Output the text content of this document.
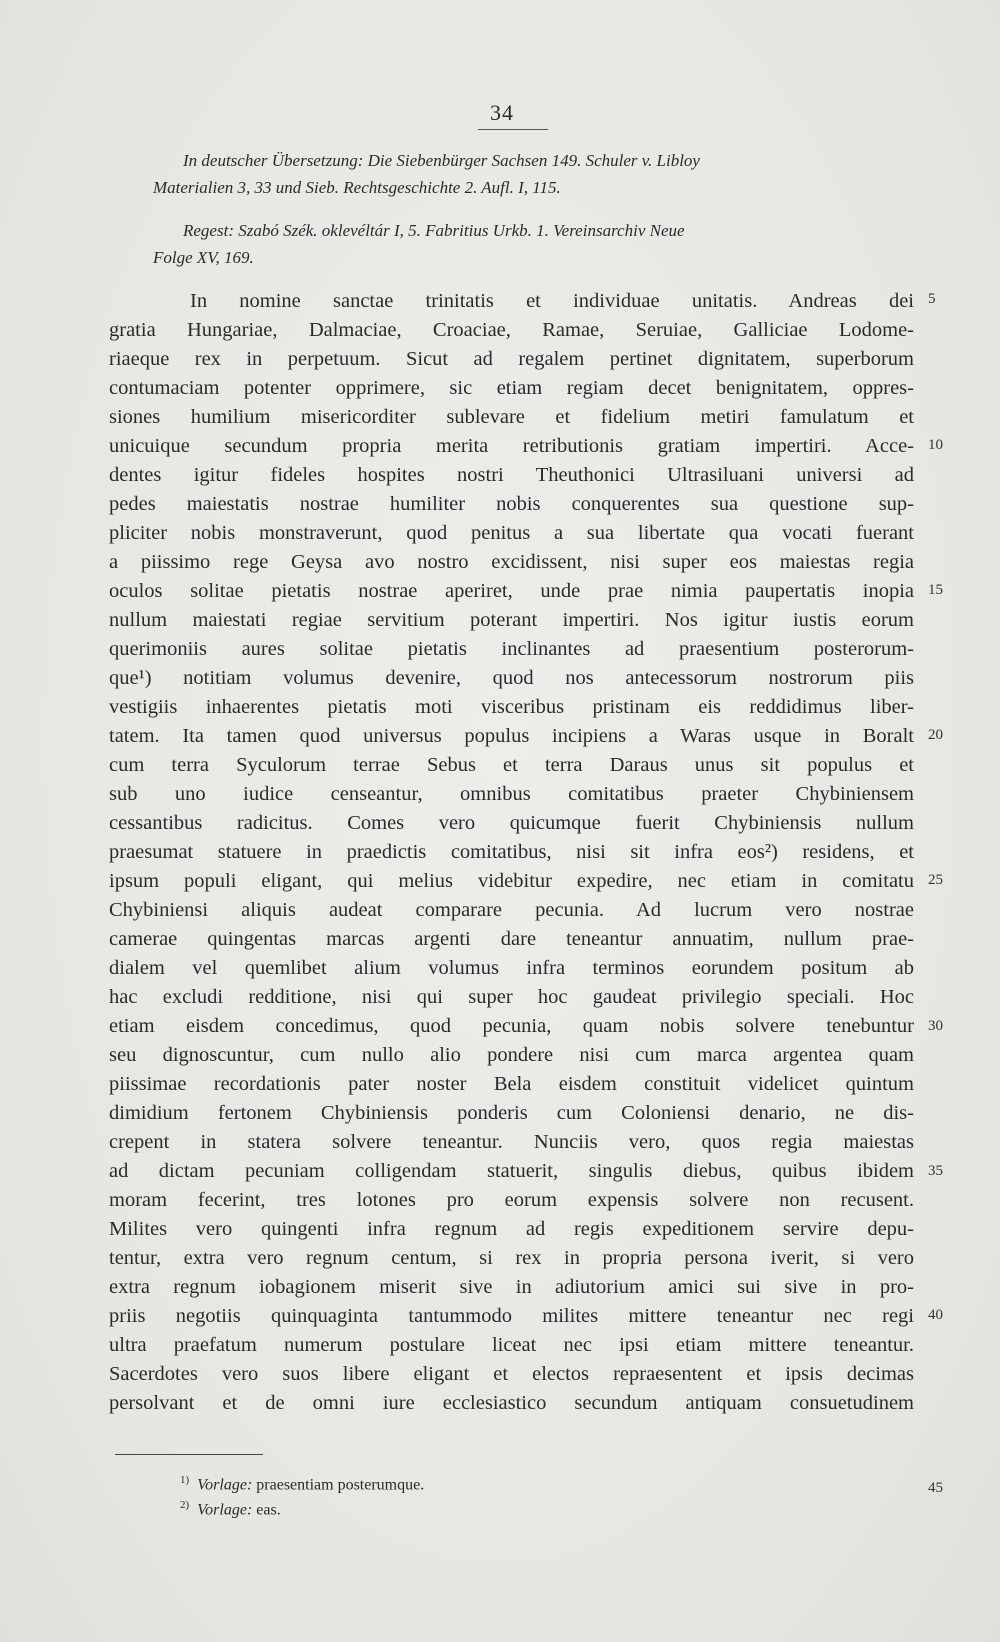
34
In deutscher Übersetzung: Die Siebenbürger Sachsen 149. Schuler v. Libloy
Materialien 3, 33 und Sieb. Rechtsgeschichte 2. Aufl. I, 115.
Regest: Szabó Szék. oklevéltár I, 5. Fabritius Urkb. 1. Vereinsarchiv Neue
Folge XV, 169.
In nomine sanctae trinitatis et individuae unitatis. Andreas dei
gratia Hungariae, Dalmaciae, Croaciae, Ramae, Seruiae, Galliciae Lodome-
riaeque rex in perpetuum. Sicut ad regalem pertinet dignitatem, superborum
contumaciam potenter opprimere, sic etiam regiam decet benignitatem, oppres-
siones humilium misericorditer sublevare et fidelium metiri famulatum et
unicuique secundum propria merita retributionis gratiam impertiri. Acce-
dentes igitur fideles hospites nostri Theuthonici Ultrasiluani universi ad
pedes maiestatis nostrae humiliter nobis conquerentes sua questione sup-
pliciter nobis monstraverunt, quod penitus a sua libertate qua vocati fuerant
a piissimo rege Geysa avo nostro excidissent, nisi super eos maiestas regia
oculos solitae pietatis nostrae aperiret, unde prae nimia paupertatis inopia
nullum maiestati regiae servitium poterant impertiri. Nos igitur iustis eorum
querimoniis aures solitae pietatis inclinantes ad praesentium posterorum-
que¹) notitiam volumus devenire, quod nos antecessorum nostrorum piis
vestigiis inhaerentes pietatis moti visceribus pristinam eis reddidimus liber-
tatem. Ita tamen quod universus populus incipiens a Waras usque in Boralt
cum terra Syculorum terrae Sebus et terra Daraus unus sit populus et
sub uno iudice censeantur, omnibus comitatibus praeter Chybiniensem
cessantibus radicitus. Comes vero quicumque fuerit Chybiniensis nullum
praesumat statuere in praedictis comitatibus, nisi sit infra eos²) residens, et
ipsum populi eligant, qui melius videbitur expedire, nec etiam in comitatu
Chybiniensi aliquis audeat comparare pecunia. Ad lucrum vero nostrae
camerae quingentas marcas argenti dare teneantur annuatim, nullum prae-
dialem vel quemlibet alium volumus infra terminos eorundem positum ab
hac excludi redditione, nisi qui super hoc gaudeat privilegio speciali. Hoc
etiam eisdem concedimus, quod pecunia, quam nobis solvere tenebuntur
seu dignoscuntur, cum nullo alio pondere nisi cum marca argentea quam
piissimae recordationis pater noster Bela eisdem constituit videlicet quintum
dimidium fertonem Chybiniensis ponderis cum Coloniensi denario, ne dis-
crepent in statera solvere teneantur. Nunciis vero, quos regia maiestas
ad dictam pecuniam colligendam statuerit, singulis diebus, quibus ibidem
moram fecerint, tres lotones pro eorum expensis solvere non recusent.
Milites vero quingenti infra regnum ad regis expeditionem servire depu-
tentur, extra vero regnum centum, si rex in propria persona iverit, si vero
extra regnum iobagionem miserit sive in adiutorium amici sui sive in pro-
priis negotiis quinquaginta tantummodo milites mittere teneantur nec regi
ultra praefatum numerum postulare liceat nec ipsi etiam mittere teneantur.
Sacerdotes vero suos libere eligant et electos repraesentent et ipsis decimas
persolvant et de omni iure ecclesiastico secundum antiquam consuetudinem
5
10
15
20
25
30
35
40
45
$^{1)}$ Vorlage: praesentiam posterumque.
$^{2)}$ Vorlage: eas.
